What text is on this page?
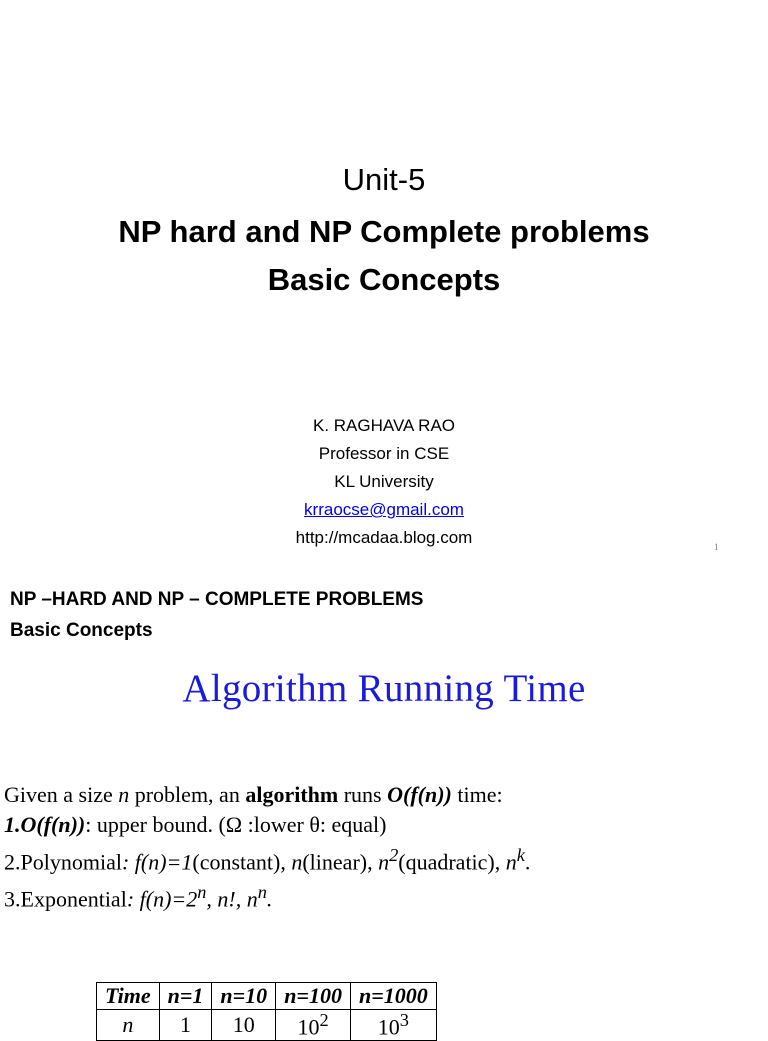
Unit-5
NP hard and NP Complete problems
Basic Concepts
K. RAGHAVA RAO
Professor in CSE
KL University
krraocse@gmail.com
http://mcadaa.blog.com	1
NP –HARD AND NP – COMPLETE PROBLEMS
Basic Concepts
Algorithm Running Time
Given a size n problem, an algorithm runs O(f(n)) time:
1.O(f(n)): upper bound. (Ω :lower θ: equal)
2.Polynomial: f(n)=1(constant), n(linear), $n^2(quadratic)$, $n^k$.
3.Exponential: $f(n)=2^n$, n!, $n^n$.
Time	n=1	n=10	n=100	n=1000
n	1	10	$10^2$	$10^3$
